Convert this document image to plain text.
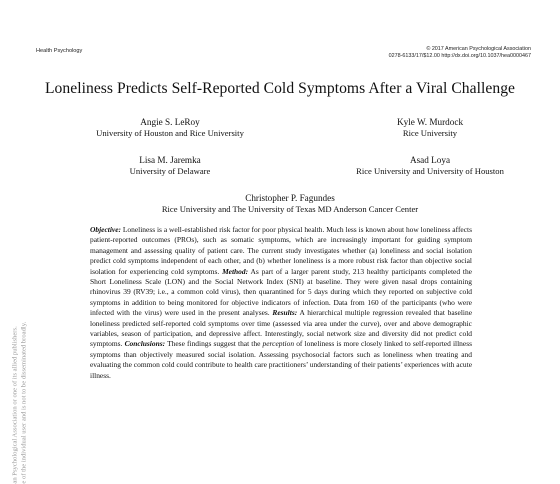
Health Psychology	© 2017 American Psychological Association
0278-6133/17/$12.00 http://dx.doi.org/10.1037/hea0000467
Loneliness Predicts Self-Reported Cold Symptoms After a Viral Challenge
Angie S. LeRoy
University of Houston and Rice University
Kyle W. Murdock
Rice University
Lisa M. Jaremka
University of Delaware
Asad Loya
Rice University and University of Houston
Christopher P. Fagundes
Rice University and The University of Texas MD Anderson Cancer Center
Objective: Loneliness is a well-established risk factor for poor physical health. Much less is known about how loneliness affects patient-reported outcomes (PROs), such as somatic symptoms, which are increasingly important for guiding symptom management and assessing quality of patient care. The current study investigates whether (a) loneliness and social isolation predict cold symptoms independent of each other, and (b) whether loneliness is a more robust risk factor than objective social isolation for experiencing cold symptoms. Method: As part of a larger parent study, 213 healthy participants completed the Short Loneliness Scale (LON) and the Social Network Index (SNI) at baseline. They were given nasal drops containing rhinovirus 39 (RV39; i.e., a common cold virus), then quarantined for 5 days during which they reported on subjective cold symptoms in addition to being monitored for objective indicators of infection. Data from 160 of the participants (who were infected with the virus) were used in the present analyses. Results: A hierarchical multiple regression revealed that baseline loneliness predicted self-reported cold symptoms over time (assessed via area under the curve), over and above demographic variables, season of participation, and depressive affect. Interestingly, social network size and diversity did not predict cold symptoms. Conclusions: These findings suggest that the perception of loneliness is more closely linked to self-reported illness symptoms than objectively measured social isolation. Assessing psychosocial factors such as loneliness when treating and evaluating the common cold could contribute to health care practitioners’ understanding of their patients’ experiences with acute illness.
an Psychological Association or one of its allied publishers. e of the individual user and is not to be disseminated broadly.
